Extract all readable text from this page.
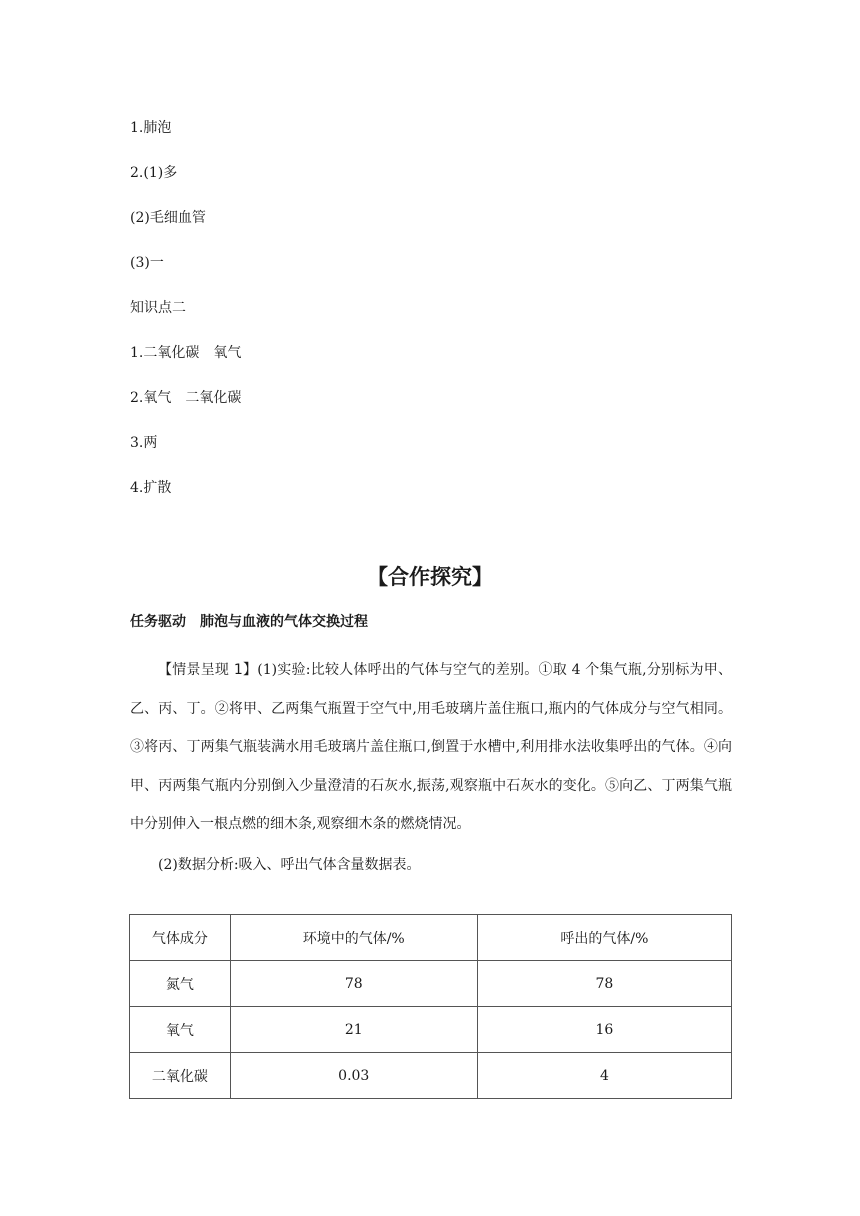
1.肺泡
2.(1)多
(2)毛细血管
(3)一
知识点二
1.二氧化碳　氧气
2.氧气　二氧化碳
3.两
4.扩散
【合作探究】
任务驱动　肺泡与血液的气体交换过程
【情景呈现 1】(1)实验:比较人体呼出的气体与空气的差别。①取 4 个集气瓶,分别标为甲、乙、丙、丁。②将甲、乙两集气瓶置于空气中,用毛玻璃片盖住瓶口,瓶内的气体成分与空气相同。③将丙、丁两集气瓶装满水用毛玻璃片盖住瓶口,倒置于水槽中,利用排水法收集呼出的气体。④向甲、丙两集气瓶内分别倒入少量澄清的石灰水,振荡,观察瓶中石灰水的变化。⑤向乙、丁两集气瓶中分别伸入一根点燃的细木条,观察细木条的燃烧情况。
(2)数据分析:吸入、呼出气体含量数据表。
气体成分	环境中的气体/%	呼出的气体/%
氮气	78	78
氧气	21	16
二氧化碳	0.03	4
